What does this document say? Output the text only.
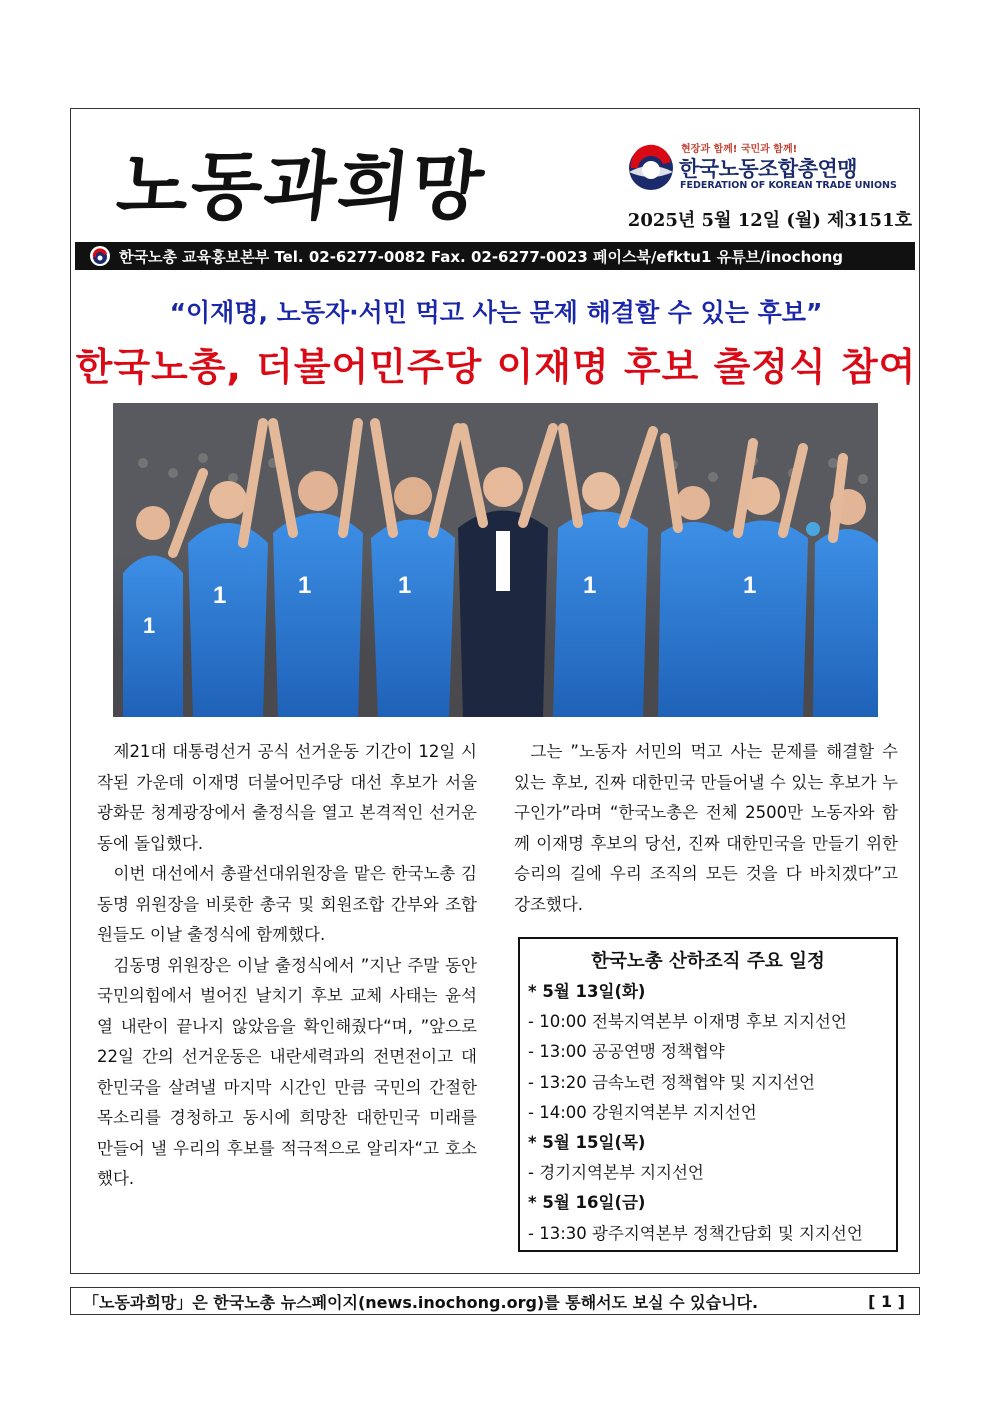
노동과희망	현장과 함께! 국민과 함께!
한국노동조합총연맹
FEDERATION OF KOREAN TRADE UNIONS
2025년 5월 12일 (월) 제3151호
한국노총 교육홍보본부 Tel. 02-6277-0082 Fax. 02-6277-0023 페이스북/efktu1 유튜브/inochong
“이재명, 노동자·서민 먹고 사는 문제 해결할 수 있는 후보”
한국노총, 더불어민주당 이재명 후보 출정식 참여
1
1	1	1	1	1

제21대 대통령선거 공식 선거운동 기간이 12일 시작된 가운데 이재명 더불어민주당 대선 후보가 서울 광화문 청계광장에서 출정식을 열고 본격적인 선거운동에 돌입했다.

이번 대선에서 총괄선대위원장을 맡은 한국노총 김동명 위원장을 비롯한 총국 및 회원조합 간부와 조합원들도 이날 출정식에 함께했다.

김동명 위원장은 이날 출정식에서 ”지난 주말 동안 국민의힘에서 벌어진 날치기 후보 교체 사태는 윤석열 내란이 끝나지 않았음을 확인해줬다“며, ”앞으로 22일 간의 선거운동은 내란세력과의 전면전이고 대한민국을 살려낼 마지막 시간인 만큼 국민의 간절한 목소리를 경청하고 동시에 희망찬 대한민국 미래를 만들어 낼 우리의 후보를 적극적으로 알리자“고 호소했다.

그는 ”노동자 서민의 먹고 사는 문제를 해결할 수 있는 후보, 진짜 대한민국 만들어낼 수 있는 후보가 누구인가”라며 “한국노총은 전체 2500만 노동자와 함께 이재명 후보의 당선, 진짜 대한민국을 만들기 위한 승리의 길에 우리 조직의 모든 것을 다 바치겠다”고 강조했다.

한국노총 산하조직 주요 일정
* 5월 13일(화)
- 10:00 전북지역본부 이재명 후보 지지선언
- 13:00 공공연맹 정책협약
- 13:20 금속노련 정책협약 및 지지선언
- 14:00 강원지역본부 지지선언
* 5월 15일(목)
- 경기지역본부 지지선언
* 5월 16일(금)
- 13:30 광주지역본부 정책간담회 및 지지선언
「노동과희망」은 한국노총 뉴스페이지(news.inochong.org)를 통해서도 보실 수 있습니다.	[ 1 ]
